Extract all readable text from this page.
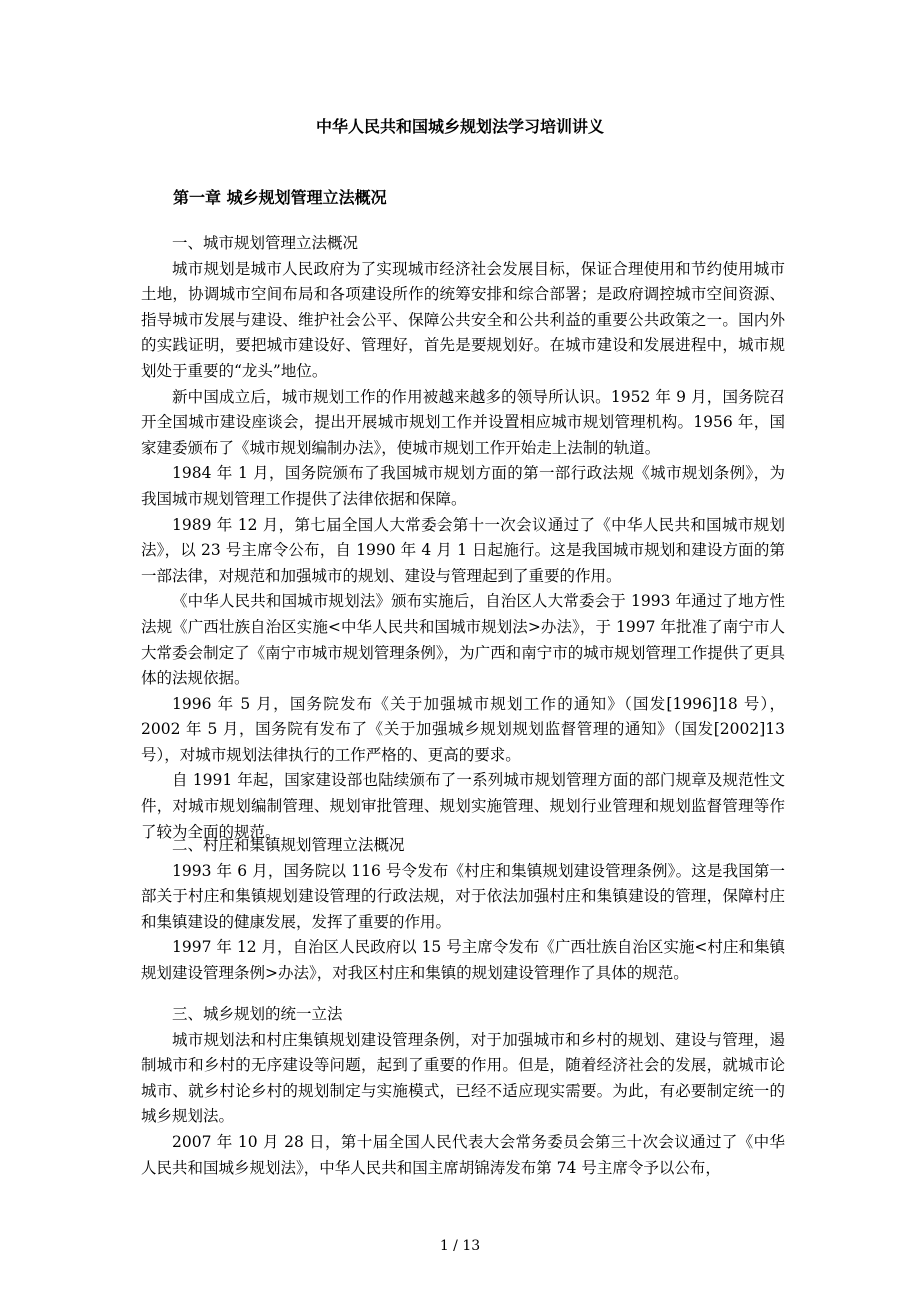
中华人民共和国城乡规划法学习培训讲义
第一章 城乡规划管理立法概况
一、城市规划管理立法概况

城市规划是城市人民政府为了实现城市经济社会发展目标，保证合理使用和节约使用城市土地，协调城市空间布局和各项建设所作的统筹安排和综合部署；是政府调控城市空间资源、指导城市发展与建设、维护社会公平、保障公共安全和公共利益的重要公共政策之一。国内外的实践证明，要把城市建设好、管理好，首先是要规划好。在城市建设和发展进程中，城市规划处于重要的“龙头”地位。

新中国成立后，城市规划工作的作用被越来越多的领导所认识。1952 年 9 月，国务院召开全国城市建设座谈会，提出开展城市规划工作并设置相应城市规划管理机构。1956 年，国家建委颁布了《城市规划编制办法》，使城市规划工作开始走上法制的轨道。

1984 年 1 月，国务院颁布了我国城市规划方面的第一部行政法规《城市规划条例》，为我国城市规划管理工作提供了法律依据和保障。

1989 年 12 月，第七届全国人大常委会第十一次会议通过了《中华人民共和国城市规划法》，以 23 号主席令公布，自 1990 年 4 月 1 日起施行。这是我国城市规划和建设方面的第一部法律，对规范和加强城市的规划、建设与管理起到了重要的作用。

《中华人民共和国城市规划法》颁布实施后，自治区人大常委会于 1993 年通过了地方性法规《广西壮族自治区实施<中华人民共和国城市规划法>办法》，于 1997 年批准了南宁市人大常委会制定了《南宁市城市规划管理条例》，为广西和南宁市的城市规划管理工作提供了更具体的法规依据。

1996 年 5 月，国务院发布《关于加强城市规划工作的通知》（国发[1996]18 号），2002 年 5 月，国务院有发布了《关于加强城乡规划规划监督管理的通知》（国发[2002]13 号），对城市规划法律执行的工作严格的、更高的要求。

自 1991 年起，国家建设部也陆续颁布了一系列城市规划管理方面的部门规章及规范性文件，对城市规划编制管理、规划审批管理、规划实施管理、规划行业管理和规划监督管理等作了较为全面的规范。

二、村庄和集镇规划管理立法概况

1993 年 6 月，国务院以 116 号令发布《村庄和集镇规划建设管理条例》。这是我国第一部关于村庄和集镇规划建设管理的行政法规，对于依法加强村庄和集镇建设的管理，保障村庄和集镇建设的健康发展，发挥了重要的作用。

1997 年 12 月，自治区人民政府以 15 号主席令发布《广西壮族自治区实施<村庄和集镇规划建设管理条例>办法》，对我区村庄和集镇的规划建设管理作了具体的规范。

三、城乡规划的统一立法

城市规划法和村庄集镇规划建设管理条例，对于加强城市和乡村的规划、建设与管理，遏制城市和乡村的无序建设等问题，起到了重要的作用。但是，随着经济社会的发展，就城市论城市、就乡村论乡村的规划制定与实施模式，已经不适应现实需要。为此，有必要制定统一的城乡规划法。

2007 年 10 月 28 日，第十届全国人民代表大会常务委员会第三十次会议通过了《中华人民共和国城乡规划法》，中华人民共和国主席胡锦涛发布第 74 号主席令予以公布，

1 / 13
